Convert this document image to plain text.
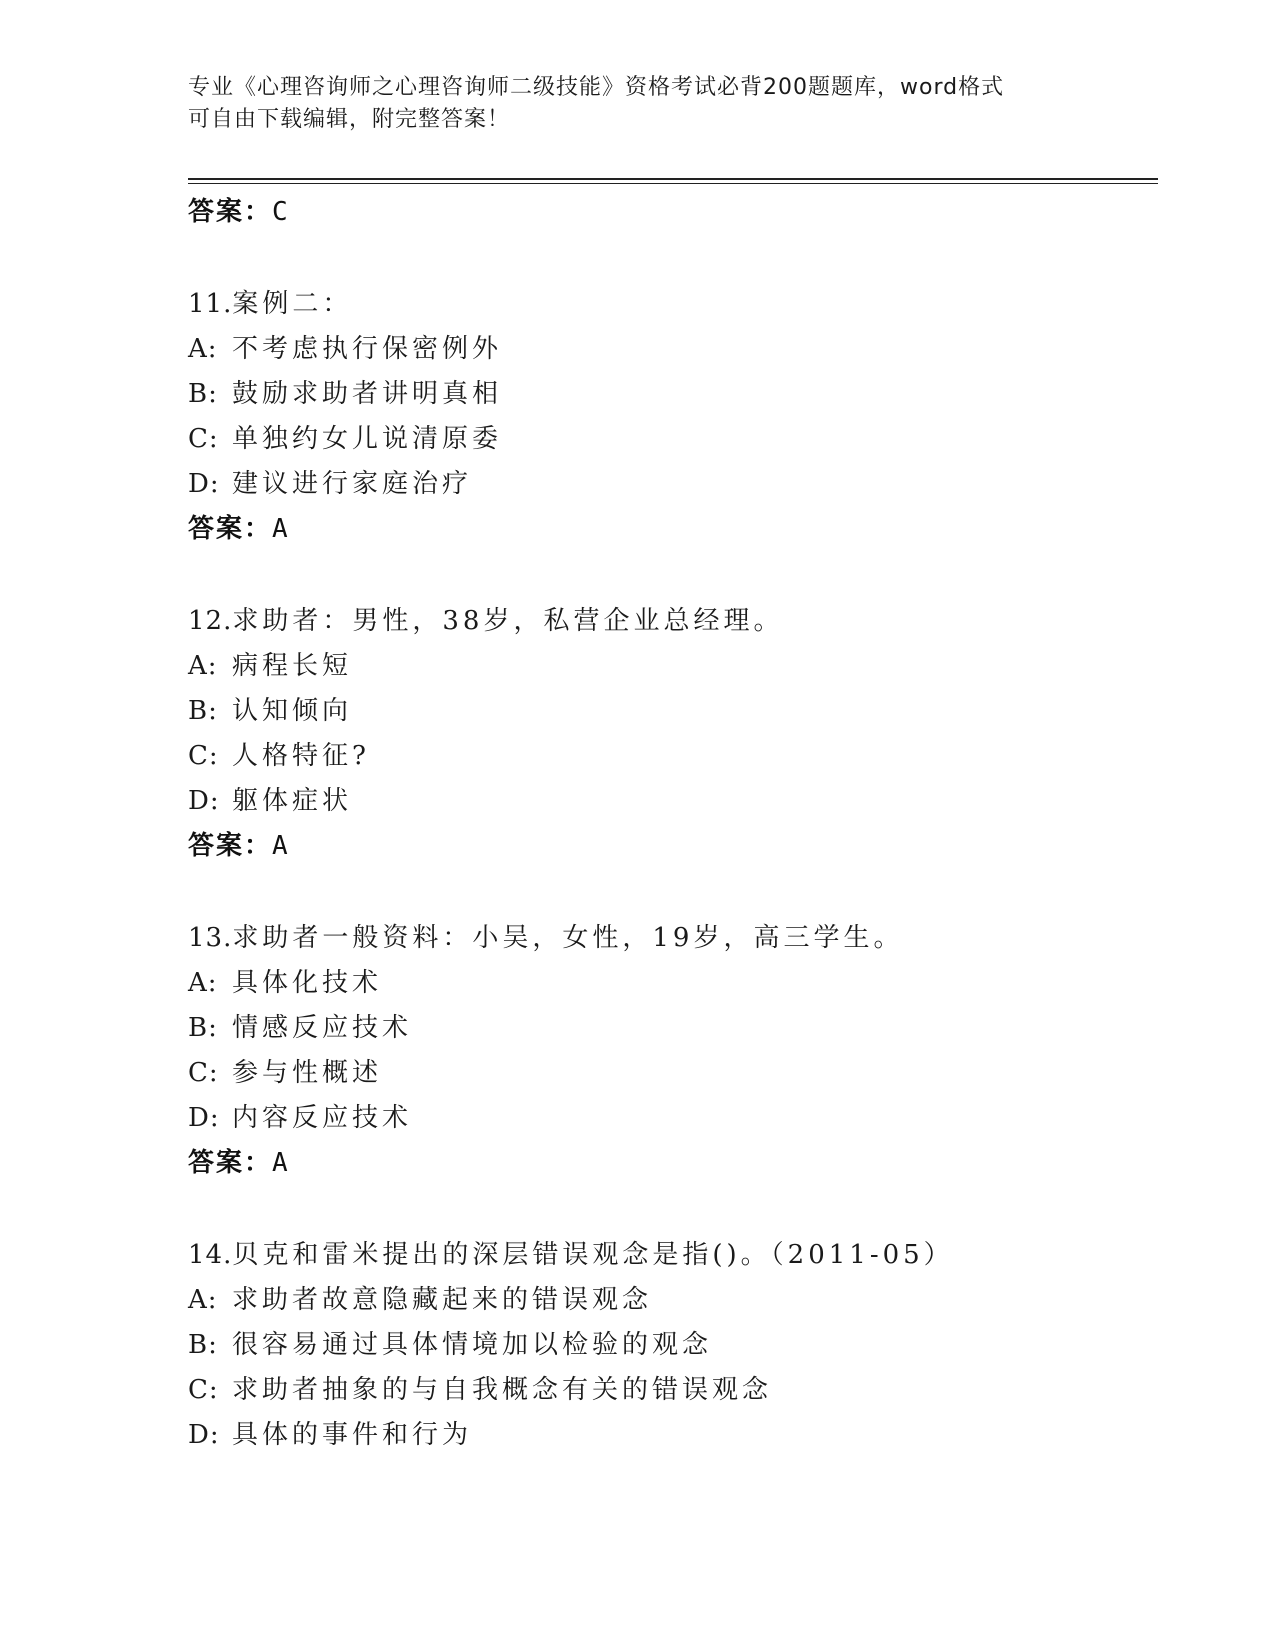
专业《心理咨询师之心理咨询师二级技能》资格考试必背200题题库，word格式
可自由下载编辑，附完整答案！
答案：C
11.案例二：
A: 不考虑执行保密例外
B: 鼓励求助者讲明真相
C: 单独约女儿说清原委
D: 建议进行家庭治疗
答案：A
12.求助者：男性，38岁，私营企业总经理。
A: 病程长短
B: 认知倾向
C: 人格特征?
D: 躯体症状
答案：A
13.求助者一般资料：小吴，女性，19岁，高三学生。
A: 具体化技术
B: 情感反应技术
C: 参与性概述
D: 内容反应技术
答案：A
14.贝克和雷米提出的深层错误观念是指()。（2011-05）
A: 求助者故意隐藏起来的错误观念
B: 很容易通过具体情境加以检验的观念
C: 求助者抽象的与自我概念有关的错误观念
D: 具体的事件和行为
